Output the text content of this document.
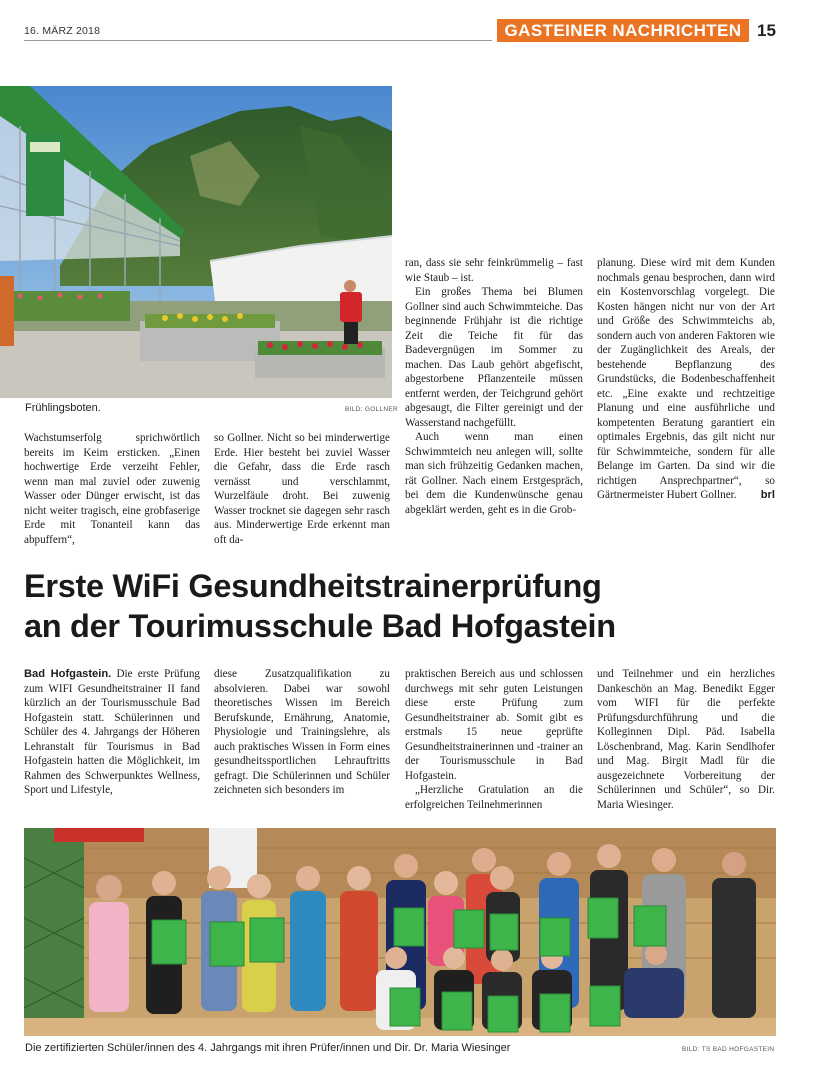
16. MÄRZ 2018	GASTEINER NACHRICHTEN 15
Frühlingsboten.	BILD: GOLLNER

Wachstumserfolg sprichwörtlich bereits im Keim ersticken. „Einen hochwertige Erde verzeiht Fehler, wenn man mal zuviel oder zuwenig Wasser oder Dünger erwischt, ist das nicht weiter tragisch, eine grobfaserige Erde mit Tonanteil kann das abpuffern“,

so Gollner. Nicht so bei minderwertige Erde. Hier besteht bei zuviel Wasser die Gefahr, dass die Erde rasch vernässt und verschlammt, Wurzelfäule droht. Bei zuwenig Wasser trocknet sie dagegen sehr rasch aus. Minderwertige Erde erkennt man oft da-

ran, dass sie sehr feinkrümmelig – fast wie Staub – ist.

Ein großes Thema bei Blumen Gollner sind auch Schwimmteiche. Das beginnende Frühjahr ist die richtige Zeit die Teiche fit für das Badevergnügen im Sommer zu machen. Das Laub gehört abgefischt, abgestorbene Pflanzenteile müssen entfernt werden, der Teichgrund gehört abgesaugt, die Filter gereinigt und der Wasserstand nachgefüllt.

Auch wenn man einen Schwimmteich neu anlegen will, sollte man sich frühzeitig Gedanken machen, rät Gollner. Nach einem Erstgespräch, bei dem die Kundenwünsche genau abgeklärt werden, geht es in die Grob-

planung. Diese wird mit dem Kunden nochmals genau besprochen, dann wird ein Kostenvorschlag vorgelegt. Die Kosten hängen nicht nur von der Art und Größe des Schwimmteichs ab, sondern auch von anderen Faktoren wie der Zugänglichkeit des Areals, der bestehende Bepflanzung des Grundstücks, die Bodenbeschaffenheit etc. „Eine exakte und rechtzeitige Planung und eine ausführliche und kompetenten Beratung garantiert ein optimales Ergebnis, das gilt nicht nur für Schwimmteiche, sondern für alle Belange im Garten. Da sind wir die richtigen Ansprechpartner“, so Gärtnermeister Hubert Gollner. brl

Erste WiFi Gesundheitstrainerprüfung
an der Tourimusschule Bad Hofgastein

Bad Hofgastein. Die erste Prüfung zum WIFI Gesundheitstrainer II fand kürzlich an der Tourismusschule Bad Hofgastein statt. Schülerinnen und Schüler des 4. Jahrgangs der Höheren Lehranstalt für Tourismus in Bad Hofgastein hatten die Möglichkeit, im Rahmen des Schwerpunktes Wellness, Sport und Lifestyle,

diese Zusatzqualifikation zu absolvieren. Dabei war sowohl theoretisches Wissen im Bereich Berufskunde, Ernährung, Anatomie, Physiologie und Trainingslehre, als auch praktisches Wissen in Form eines gesundheitssportlichen Lehrauftritts gefragt. Die Schülerinnen und Schüler zeichneten sich besonders im

praktischen Bereich aus und schlossen durchwegs mit sehr guten Leistungen diese erste Prüfung zum Gesundheitstrainer ab. Somit gibt es erstmals 15 neue geprüfte Gesundheitstrainerinnen und -trainer an der Tourismusschule in Bad Hofgastein.

„Herzliche Gratulation an die erfolgreichen Teilnehmerinnen

und Teilnehmer und ein herzliches Dankeschön an Mag. Benedikt Egger vom WIFI für die perfekte Prüfungsdurchführung und die Kolleginnen Dipl. Päd. Isabella Löschenbrand, Mag. Karin Sendlhofer und Mag. Birgit Madl für die ausgezeichnete Vorbereitung der Schülerinnen und Schüler“, so Dir. Maria Wiesinger.

Die zertifizierten Schüler/innen des 4. Jahrgangs mit ihren Prüfer/innen und Dir. Dr. Maria Wiesinger	BILD: TS BAD HOFGASTEIN
